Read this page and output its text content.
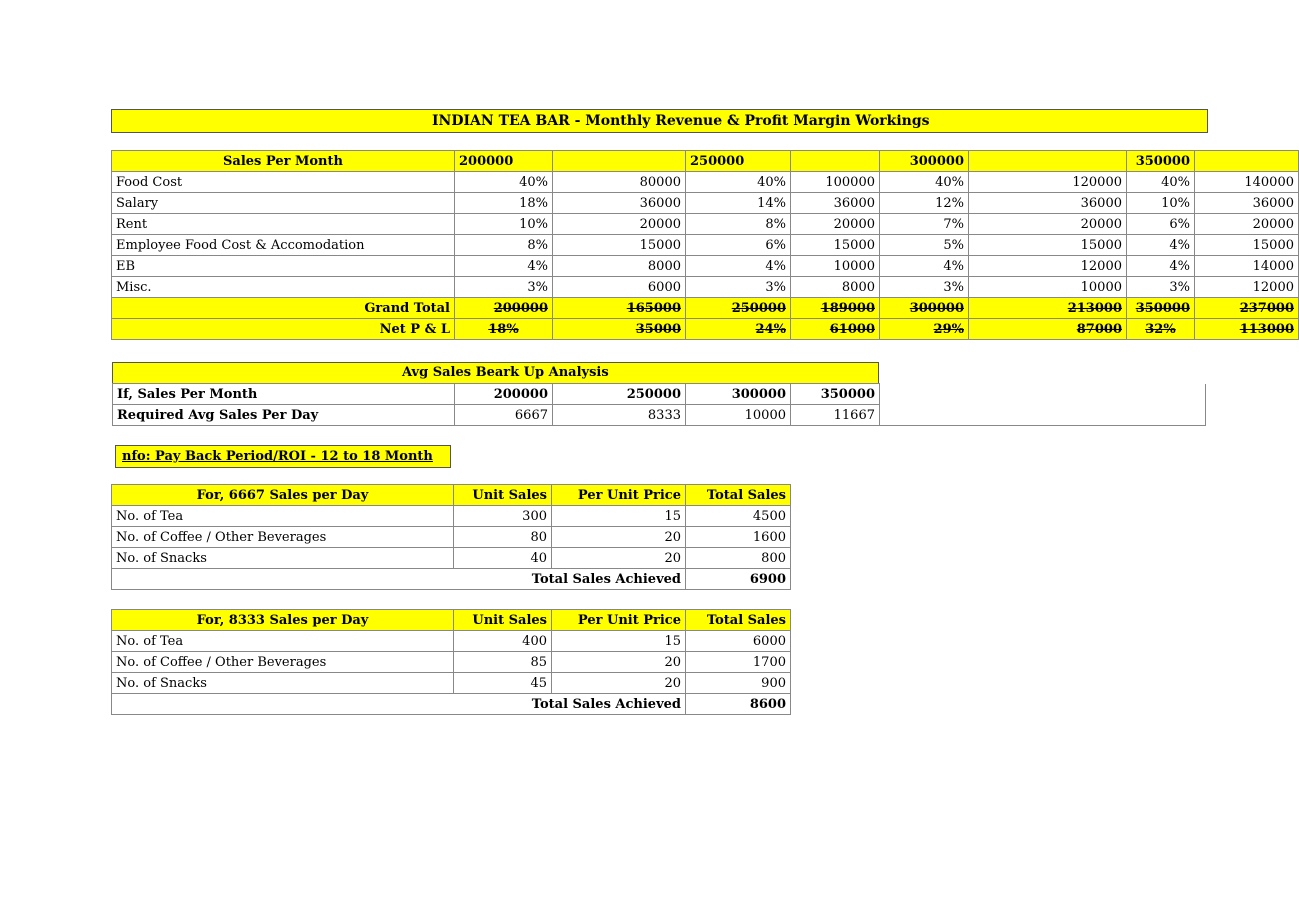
INDIAN TEA BAR - Monthly Revenue & Profit Margin Workings
Sales Per Month	200000		250000		300000		350000	
Food Cost	40%	80000	40%	100000	40%	120000	40%	140000
Salary	18%	36000	14%	36000	12%	36000	10%	36000
Rent	10%	20000	8%	20000	7%	20000	6%	20000
Employee Food Cost & Accomodation	8%	15000	6%	15000	5%	15000	4%	15000
EB	4%	8000	4%	10000	4%	12000	4%	14000
Misc.	3%	6000	3%	8000	3%	10000	3%	12000
Grand Total	200000	165000	250000	189000	300000	213000	350000	237000
Net P & L	18%	35000	24%	61000	29%	87000	32%	113000
Avg Sales Beark Up Analysis
If, Sales Per Month	200000	250000	300000	350000
Required Avg Sales Per Day	6667	8333	10000	11667
nfo: Pay Back Period/ROI - 12 to 18 Month
For, 6667 Sales per Day	Unit Sales	Per Unit Price	Total Sales
No. of Tea	300	15	4500
No. of Coffee / Other Beverages	80	20	1600
No. of Snacks	40	20	800
Total Sales Achieved			6900
For, 8333 Sales per Day	Unit Sales	Per Unit Price	Total Sales
No. of Tea	400	15	6000
No. of Coffee / Other Beverages	85	20	1700
No. of Snacks	45	20	900
Total Sales Achieved			8600
